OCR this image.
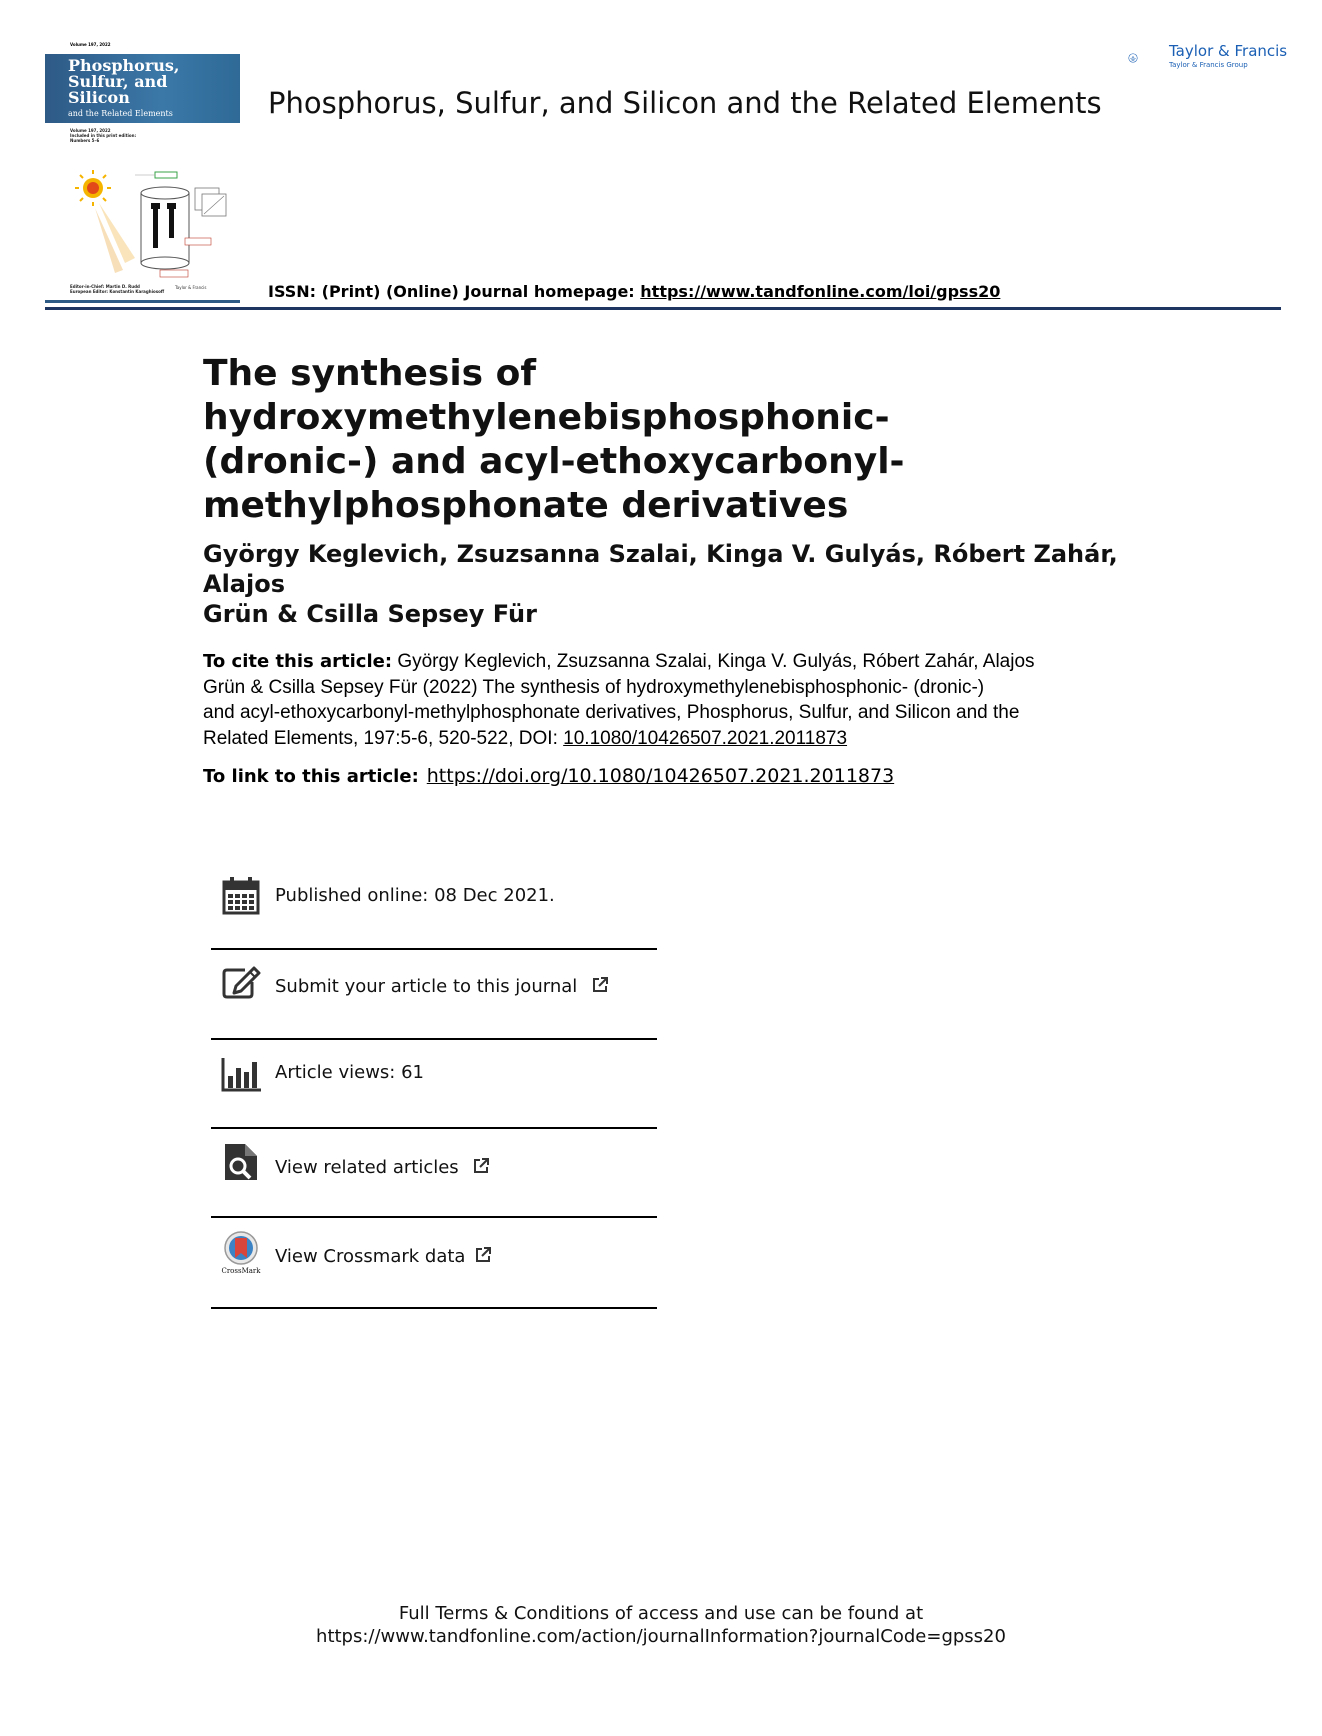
Volume 197, 2022
Phosphorus,
Sulfur, and
Silicon
and the Related Elements
Volume 197, 2022
Included in this print edition:
Numbers 5–6
Editor-in-Chief: Martin D. Rudd
European Editor: Konstantin Karaghiosoff
Taylor & Francis
Phosphorus, Sulfur, and Silicon and the Related Elements
Taylor & Francis
Taylor & Francis Group
ISSN: (Print) (Online) Journal homepage: https://www.tandfonline.com/loi/gpss20
The synthesis of hydroxymethylenebisphosphonic-
(dronic-) and acyl-ethoxycarbonyl-
methylphosphonate derivatives
György Keglevich, Zsuzsanna Szalai, Kinga V. Gulyás, Róbert Zahár, Alajos
Grün & Csilla Sepsey Für
To cite this article: György Keglevich, Zsuzsanna Szalai, Kinga V. Gulyás, Róbert Zahár, Alajos
Grün & Csilla Sepsey Für (2022) The synthesis of hydroxymethylenebisphosphonic- (dronic-)
and acyl-ethoxycarbonyl-methylphosphonate derivatives, Phosphorus, Sulfur, and Silicon and the
Related Elements, 197:5-6, 520-522, DOI: 10.1080/10426507.2021.2011873
To link to this article: https://doi.org/10.1080/10426507.2021.2011873
Published online: 08 Dec 2021.
Submit your article to this journal
Article views: 61
View related articles
CrossMark
View Crossmark data
Full Terms & Conditions of access and use can be found at
https://www.tandfonline.com/action/journalInformation?journalCode=gpss20
